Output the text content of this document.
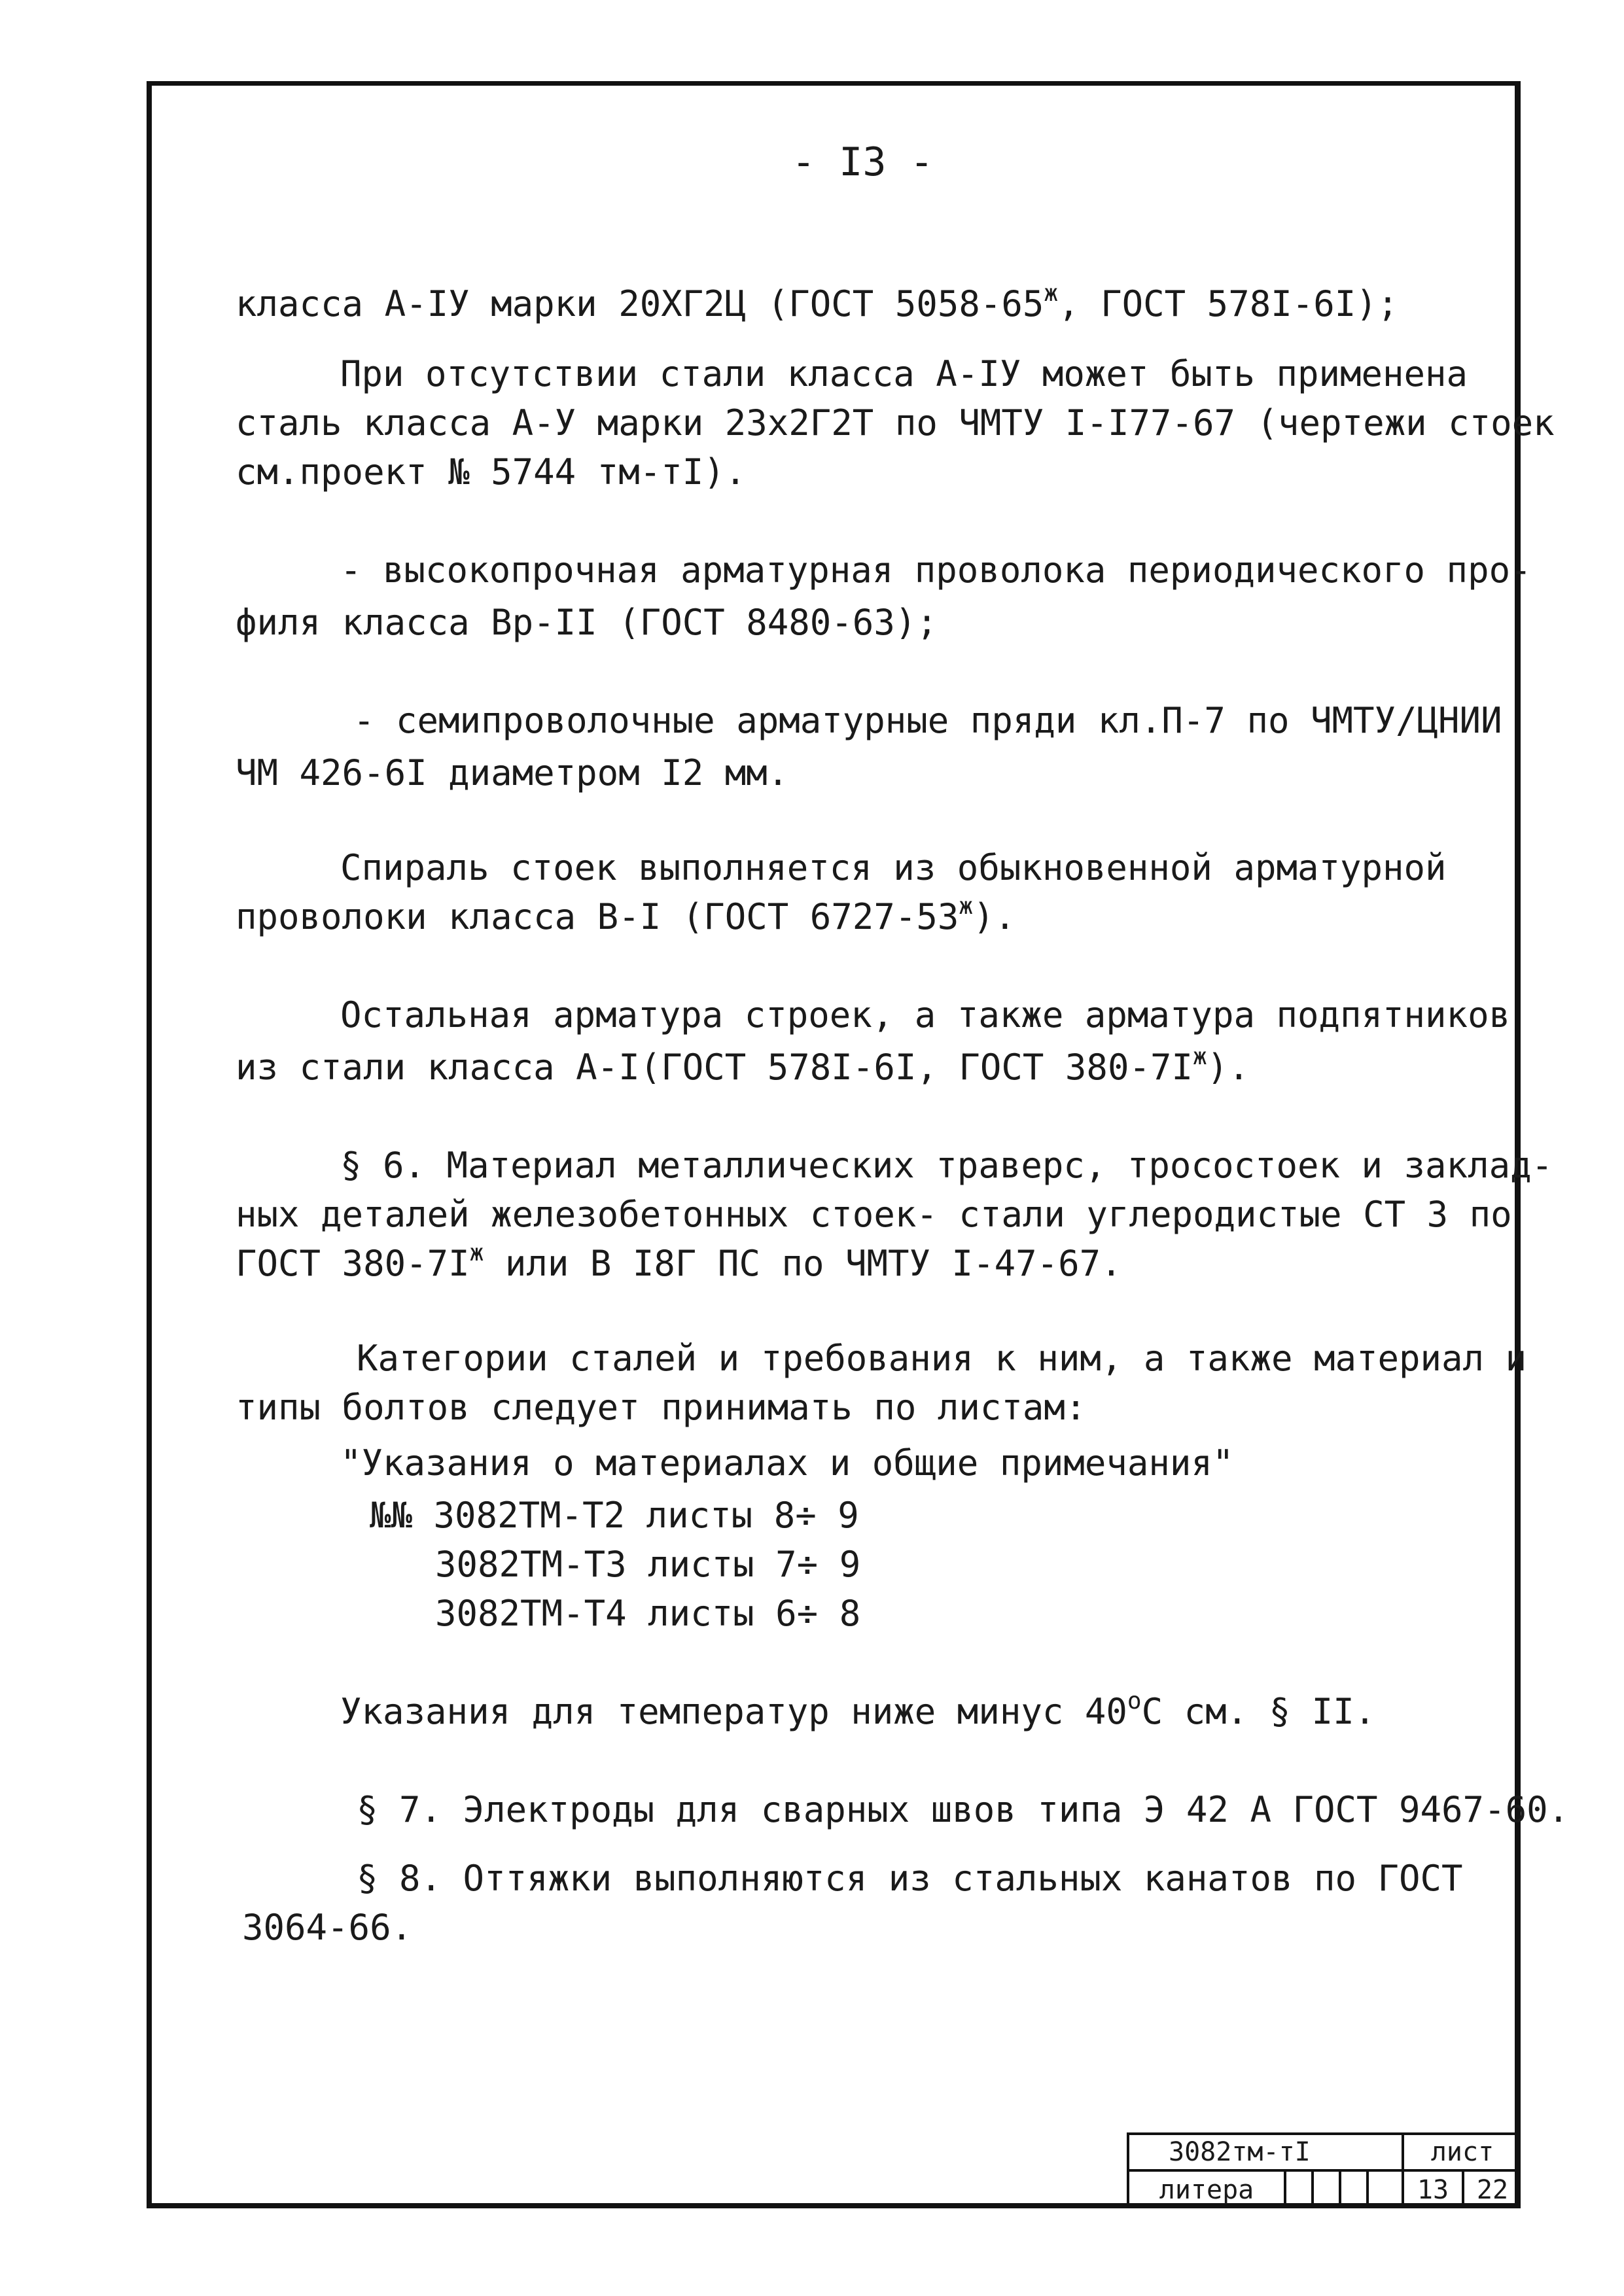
- I3 -
класса А-IУ марки 20ХГ2Ц (ГОСТ $5058-65^ж$, ГОСТ 578I-6I);
При отсутствии стали класса А-IУ может быть применена
сталь класса А-У марки 23х2Г2Т по ЧМТУ I-I77-67 (чертежи стоек
см.проект № 5744 тм-тI).
- высокопрочная арматурная проволока периодического про-
филя класса Вр-II (ГОСТ 8480-63);
- семипроволочные арматурные пряди кл.П-7 по ЧМТУ/ЦНИИ
ЧМ 426-6I диаметром I2 мм.
Спираль стоек выполняется из обыкновенной арматурной
проволоки класса В-I (ГОСТ $6727-53^ж$).
Остальная арматура строек, а также арматура подпятников
из стали класса А-I(ГОСТ 578I-6I, ГОСТ $380-7I^ж$).
§ 6. Материал металлических траверс, тросостоек и заклад-
ных деталей железобетонных стоек- стали углеродистые СТ 3 по
ГОСТ $380-7I^ж$ или В I8Г ПС по ЧМТУ I-47-67.
Категории сталей и требования к ним, а также материал и
типы болтов следует принимать по листам:
"Указания о материалах и общие примечания"
№№ 3082ТМ-Т2 листы 8÷ 9
3082ТМ-Т3 листы 7÷ 9
3082ТМ-Т4 листы 6÷ 8
Указания для температур ниже минус $40^оС$ см. § II.
§ 7. Электроды для сварных швов типа Э 42 А ГОСТ 9467-60.
§ 8. Оттяжки выполняются из стальных канатов по ГОСТ
3064-66.
3082тм-тI	лист
литера	13	22
